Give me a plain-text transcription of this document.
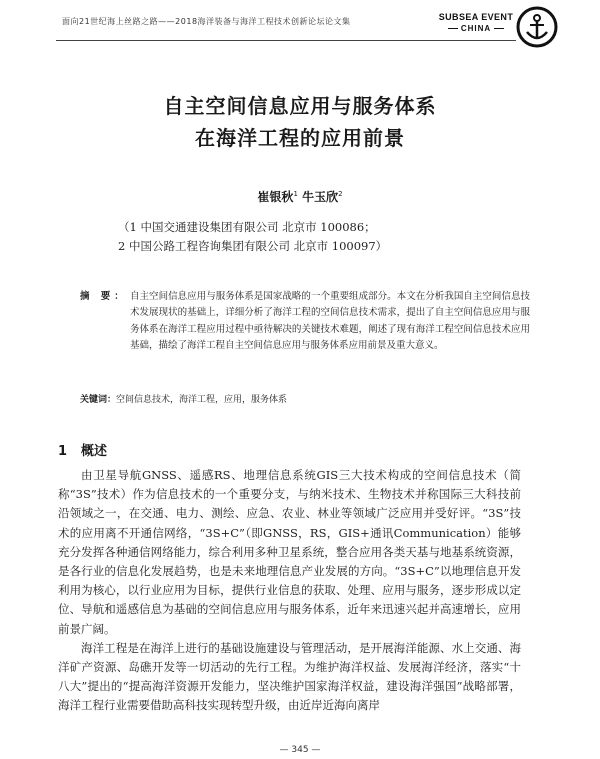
面向21世纪海上丝路之路——2018海洋装备与海洋工程技术创新论坛论文集	SUBSEA EVENT
CHINA
自主空间信息应用与服务体系
在海洋工程的应用前景
崔银秋$^1$ 牛玉欣$^2$
（1 中国交通建设集团有限公司 北京市 100086；
2 中国公路工程咨询集团有限公司 北京市 100097）
摘 要： 自主空间信息应用与服务体系是国家战略的一个重要组成部分。本文在分析我国自主空间信息技术发展现状的基础上，详细分析了海洋工程的空间信息技术需求，提出了自主空间信息应用与服务体系在海洋工程应用过程中亟待解决的关键技术难题，阐述了现有海洋工程空间信息技术应用基础，描绘了海洋工程自主空间信息应用与服务体系应用前景及重大意义。
关键词：空间信息技术，海洋工程，应用，服务体系
1 概述

由卫星导航GNSS、遥感RS、地理信息系统GIS三大技术构成的空间信息技术（简称“3S”技术）作为信息技术的一个重要分支，与纳米技术、生物技术并称国际三大科技前沿领域之一，在交通、电力、测绘、应急、农业、林业等领域广泛应用并受好评。“3S”技术的应用离不开通信网络，“3S+C”（即GNSS，RS，GIS+通讯Communication）能够充分发挥各种通信网络能力，综合利用多种卫星系统，整合应用各类天基与地基系统资源，是各行业的信息化发展趋势，也是未来地理信息产业发展的方向。“3S+C”以地理信息开发利用为核心，以行业应用为目标，提供行业信息的获取、处理、应用与服务，逐步形成以定位、导航和遥感信息为基础的空间信息应用与服务体系，近年来迅速兴起并高速增长，应用前景广阔。

海洋工程是在海洋上进行的基础设施建设与管理活动，是开展海洋能源、水上交通、海洋矿产资源、岛礁开发等一切活动的先行工程。为维护海洋权益、发展海洋经济，落实“十八大”提出的“提高海洋资源开发能力，坚决维护国家海洋权益，建设海洋强国”战略部署，海洋工程行业需要借助高科技实现转型升级，由近岸近海向离岸

— 345 —
